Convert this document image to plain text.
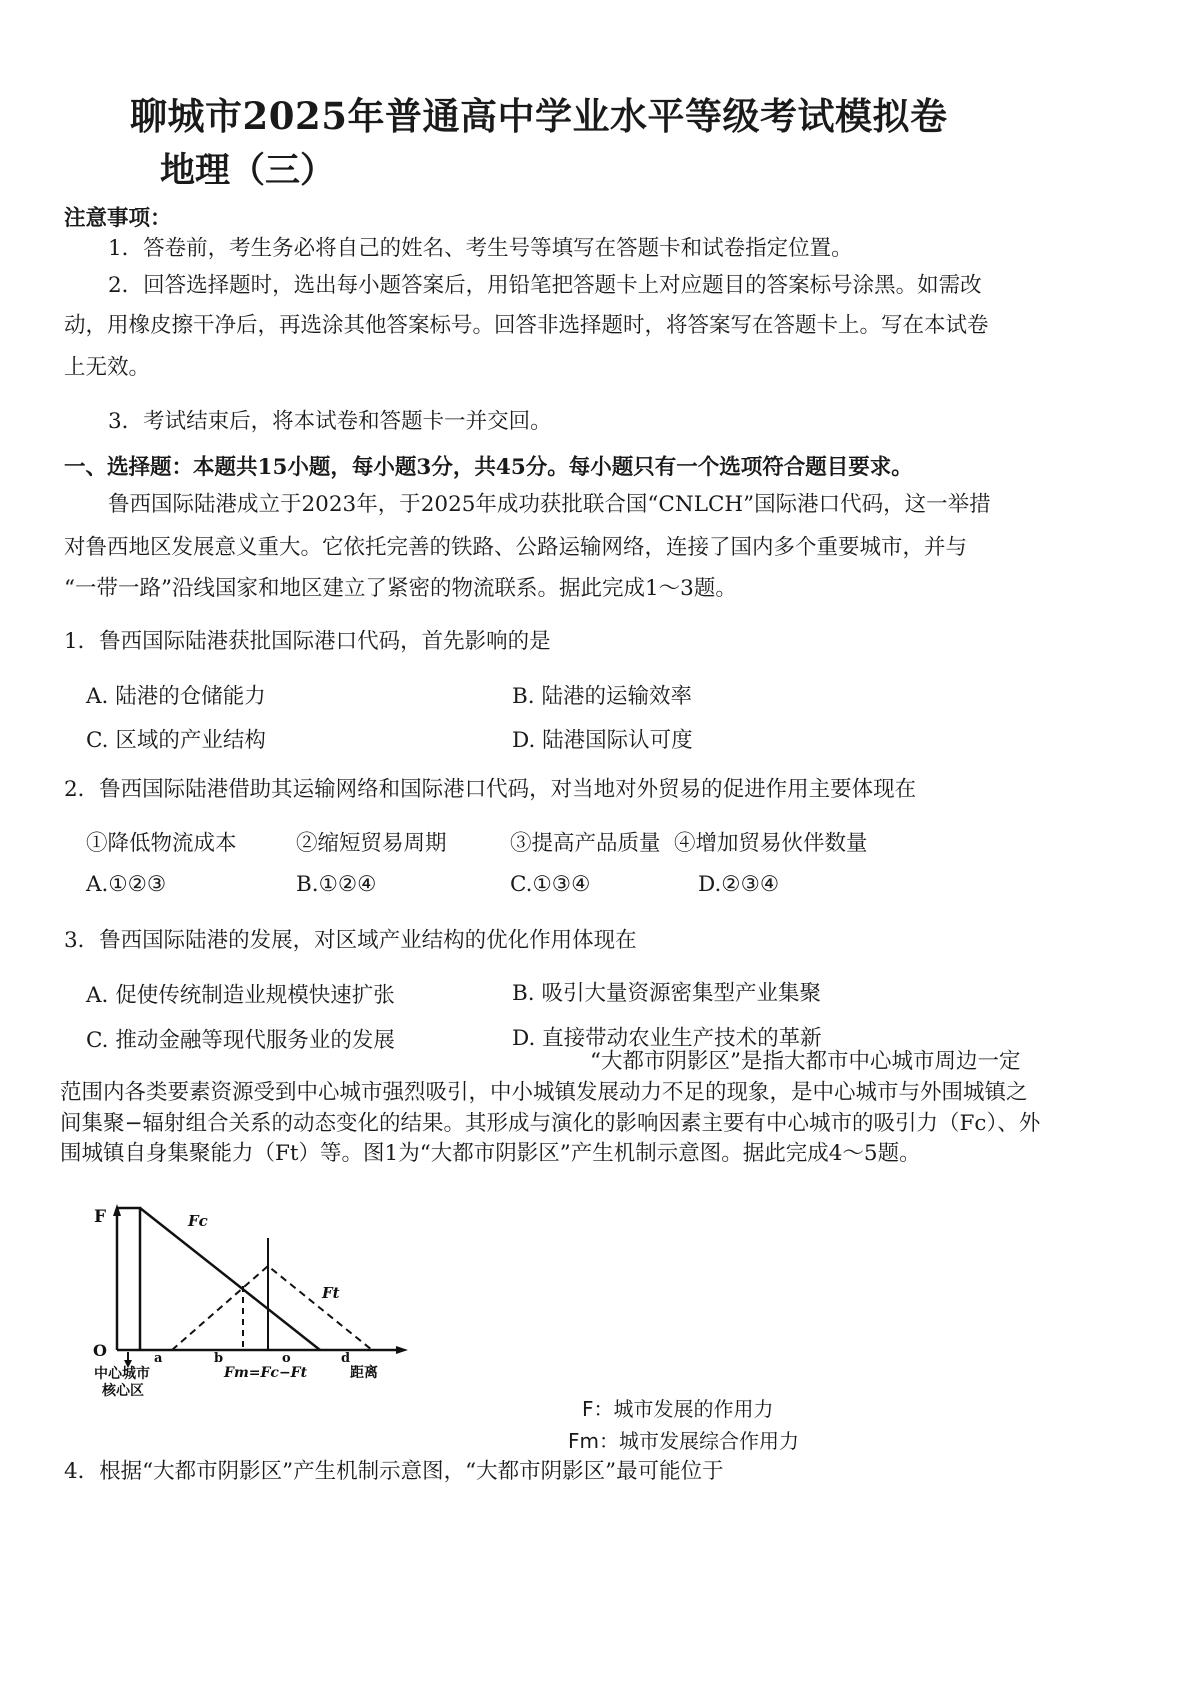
聊城市2025年普通高中学业水平等级考试模拟卷
地理（三）
注意事项：
1．答卷前，考生务必将自己的姓名、考生号等填写在答题卡和试卷指定位置。
2．回答选择题时，选出每小题答案后，用铅笔把答题卡上对应题目的答案标号涂黑。如需改
动，用橡皮擦干净后，再选涂其他答案标号。回答非选择题时，将答案写在答题卡上。写在本试卷
上无效。
3．考试结束后，将本试卷和答题卡一并交回。
一、选择题：本题共15小题，每小题3分，共45分。每小题只有一个选项符合题目要求。
鲁西国际陆港成立于2023年，于2025年成功获批联合国“CNLCH”国际港口代码，这一举措
对鲁西地区发展意义重大。它依托完善的铁路、公路运输网络，连接了国内多个重要城市，并与
“一带一路”沿线国家和地区建立了紧密的物流联系。据此完成1～3题。
1．鲁西国际陆港获批国际港口代码，首先影响的是
A. 陆港的仓储能力	B. 陆港的运输效率
C. 区域的产业结构	D. 陆港国际认可度
2．鲁西国际陆港借助其运输网络和国际港口代码，对当地对外贸易的促进作用主要体现在
①降低物流成本	②缩短贸易周期	③提高产品质量 ④增加贸易伙伴数量
A.①②③	B.①②④	C.①③④	D.②③④
3．鲁西国际陆港的发展，对区域产业结构的优化作用体现在
A. 促使传统制造业规模快速扩张	B. 吸引大量资源密集型产业集聚
C. 推动金融等现代服务业的发展	D. 直接带动农业生产技术的革新
“大都市阴影区”是指大都市中心城市周边一定
范围内各类要素资源受到中心城市强烈吸引，中小城镇发展动力不足的现象，是中心城市与外围城镇之
间集聚−辐射组合关系的动态变化的结果。其形成与演化的影响因素主要有中心城市的吸引力（Fc）、外
围城镇自身集聚能力（Ft）等。图1为“大都市阴影区”产生机制示意图。据此完成4～5题。
F
O
Fc
Ft
a	b	o	d
Fm=Fc−Ft	距离
中心城市
核心区
F：城市发展的作用力
Fm：城市发展综合作用力
4．根据“大都市阴影区”产生机制示意图，“大都市阴影区”最可能位于
